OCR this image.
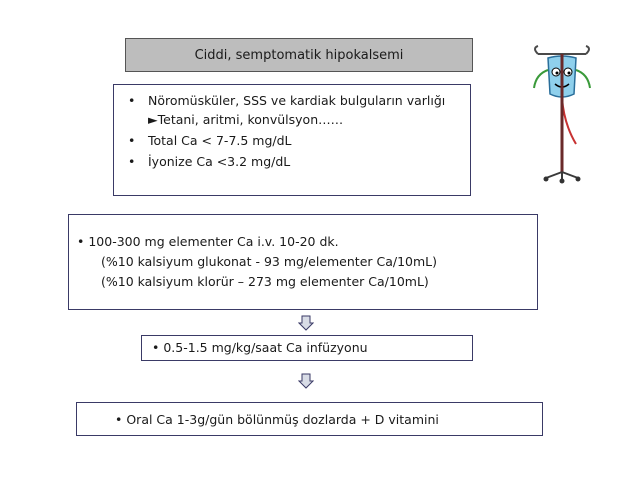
Ciddi, semptomatik hipokalsemi
• Nöromüsküler, SSS ve kardiak bulguların varlığı ►Tetani, aritmi, konvülsyon……
• Total Ca < 7-7.5 mg/dL
• İyonize Ca <3.2 mg/dL
• 100-300 mg elementer Ca i.v. 10-20 dk.
(%10 kalsiyum glukonat - 93 mg/elementer Ca/10mL)
(%10 kalsiyum klorür – 273 mg elementer Ca/10mL)
• 0.5-1.5 mg/kg/saat Ca infüzyonu
• Oral Ca 1-3g/gün bölünmüş dozlarda + D vitamini
